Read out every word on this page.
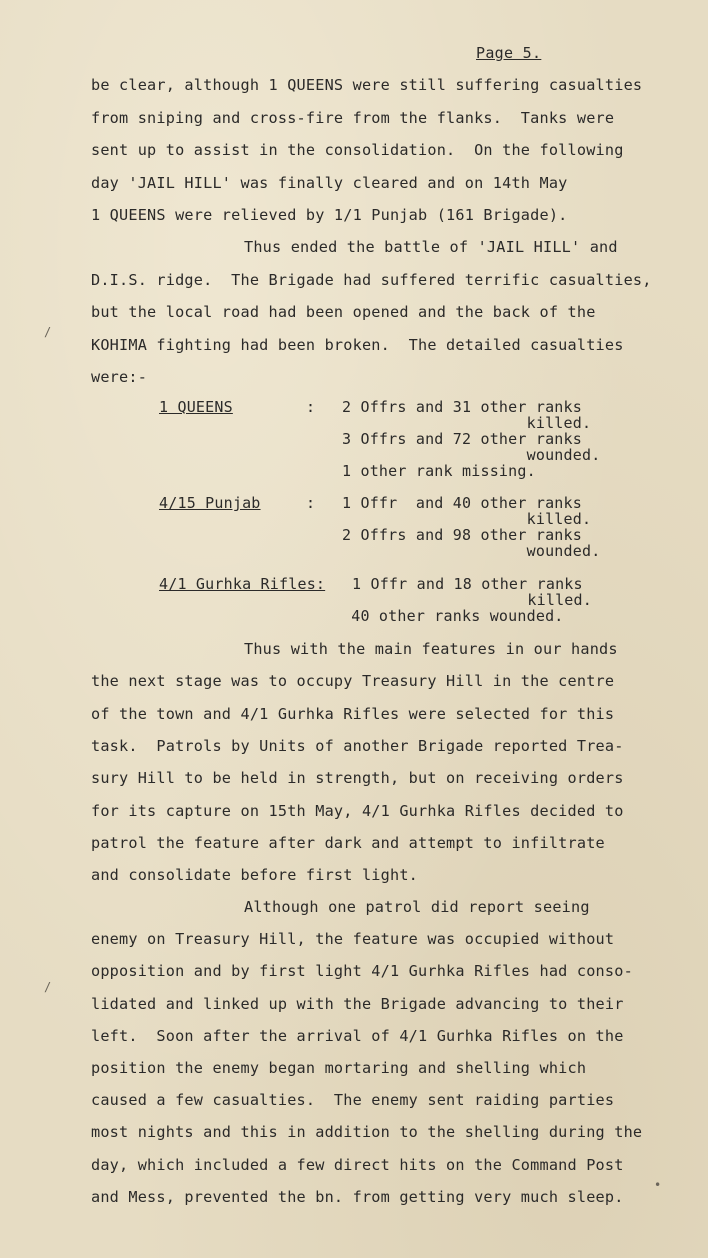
Page 5.

be clear, although 1 QUEENS were still suffering casualties

from sniping and cross-fire from the flanks.  Tanks were

sent up to assist in the consolidation.  On the following

day 'JAIL HILL' was finally cleared and on 14th May

1 QUEENS were relieved by 1/1 Punjab (161 Brigade).

Thus ended the battle of 'JAIL HILL' and

D.I.S. ridge.  The Brigade had suffered terrific casualties,

but the local road had been opened and the back of the

KOHIMA fighting had been broken.  The detailed casualties

were:-

1 QUEENS	: 2 Offrs and 31 other ranks
killed.
3 Offrs and 72 other ranks
wounded.
1 other rank missing.
4/15 Punjab	: 1 Offr  and 40 other ranks
killed.
2 Offrs and 98 other ranks
wounded.
4/1 Gurhka Rifles: 1 Offr and 18 other ranks
killed.
40 other ranks wounded.

Thus with the main features in our hands

the next stage was to occupy Treasury Hill in the centre

of the town and 4/1 Gurhka Rifles were selected for this

task.  Patrols by Units of another Brigade reported Trea-

sury Hill to be held in strength, but on receiving orders

for its capture on 15th May, 4/1 Gurhka Rifles decided to

patrol the feature after dark and attempt to infiltrate

and consolidate before first light.

Although one patrol did report seeing

enemy on Treasury Hill, the feature was occupied without

opposition and by first light 4/1 Gurhka Rifles had conso-

lidated and linked up with the Brigade advancing to their

left.  Soon after the arrival of 4/1 Gurhka Rifles on the

position the enemy began mortaring and shelling which

caused a few casualties.  The enemy sent raiding parties

most nights and this in addition to the shelling during the

day, which included a few direct hits on the Command Post

and Mess, prevented the bn. from getting very much sleep.

/
/
•
